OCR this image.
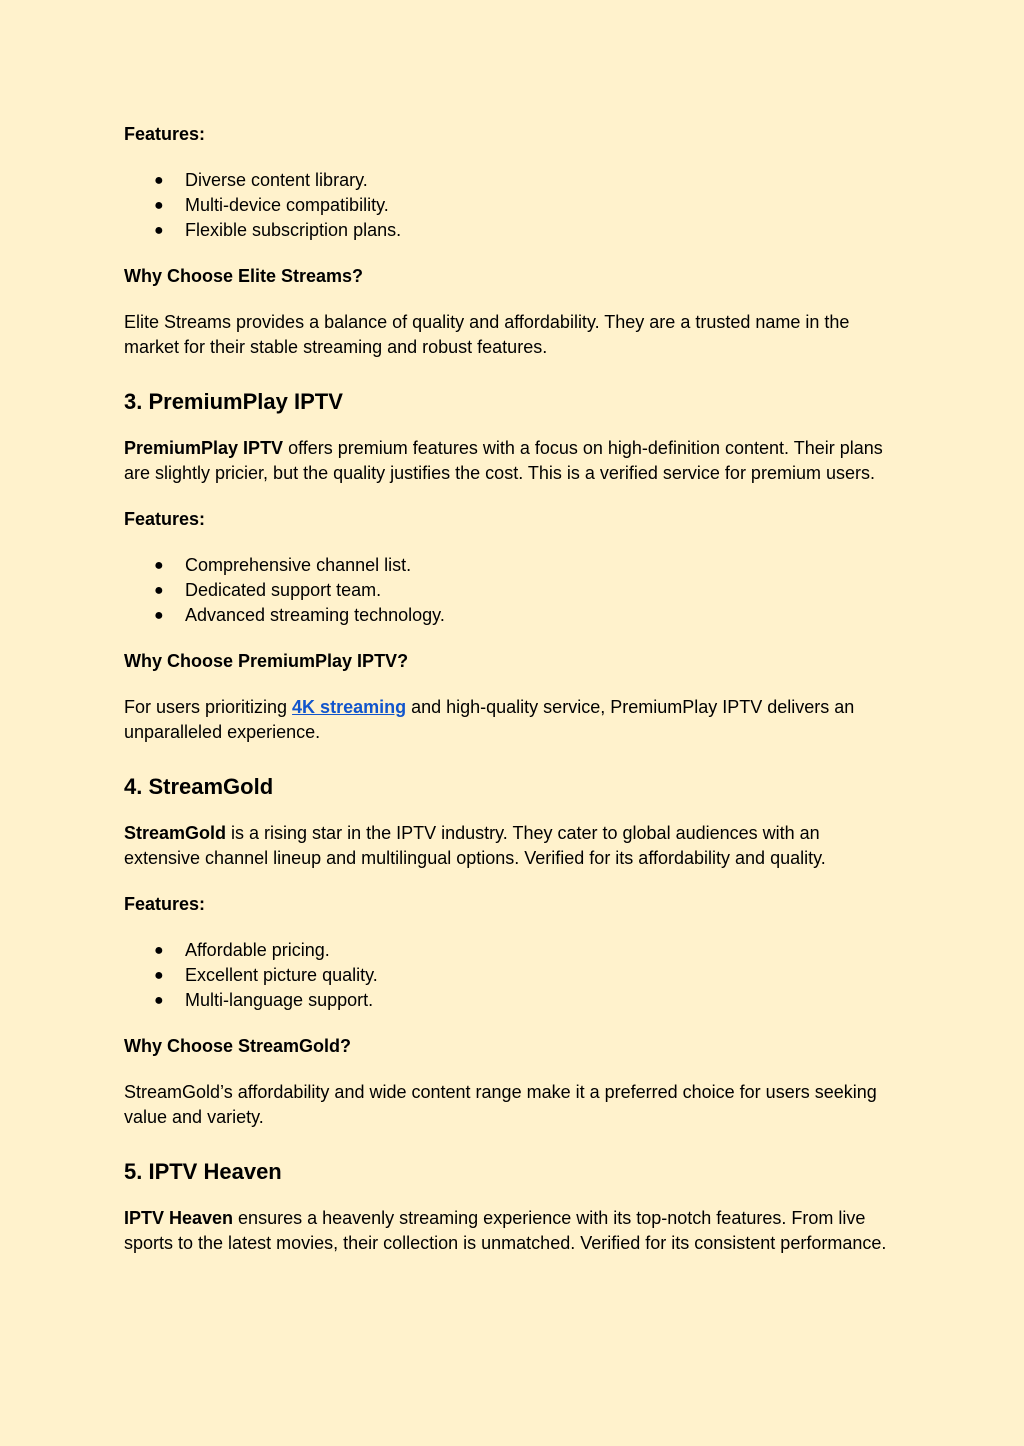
Features:
● Diverse content library.
● Multi-device compatibility.
● Flexible subscription plans.
Why Choose Elite Streams?

Elite Streams provides a balance of quality and affordability. They are a trusted name in the market for their stable streaming and robust features.

3. PremiumPlay IPTV

PremiumPlay IPTV offers premium features with a focus on high-definition content. Their plans are slightly pricier, but the quality justifies the cost. This is a verified service for premium users.

Features:
● Comprehensive channel list.
● Dedicated support team.
● Advanced streaming technology.
Why Choose PremiumPlay IPTV?

For users prioritizing 4K streaming and high-quality service, PremiumPlay IPTV delivers an unparalleled experience.

4. StreamGold

StreamGold is a rising star in the IPTV industry. They cater to global audiences with an extensive channel lineup and multilingual options. Verified for its affordability and quality.

Features:
● Affordable pricing.
● Excellent picture quality.
● Multi-language support.
Why Choose StreamGold?

StreamGold’s affordability and wide content range make it a preferred choice for users seeking value and variety.

5. IPTV Heaven

IPTV Heaven ensures a heavenly streaming experience with its top-notch features. From live sports to the latest movies, their collection is unmatched. Verified for its consistent performance.
